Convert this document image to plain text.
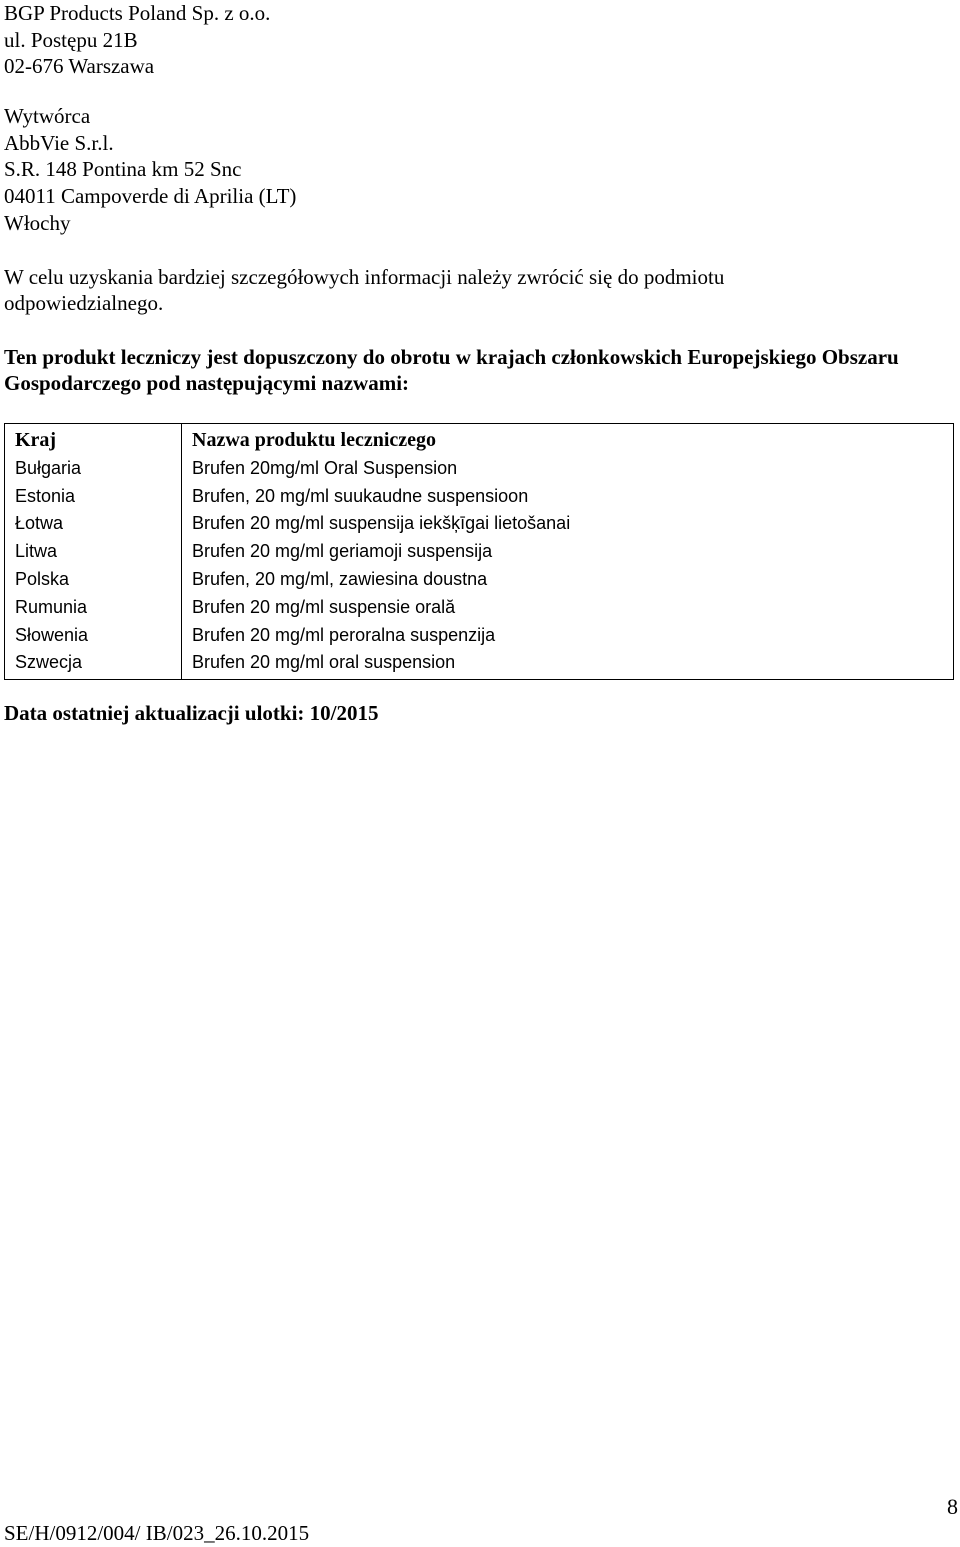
BGP Products Poland Sp. z o.o.
ul. Postępu 21B
02-676 Warszawa
Wytwórca
AbbVie S.r.l.
S.R. 148 Pontina km 52 Snc
04011 Campoverde di Aprilia (LT)
Włochy
W celu uzyskania bardziej szczegółowych informacji należy zwrócić się do podmiotu odpowiedzialnego.
Ten produkt leczniczy jest dopuszczony do obrotu w krajach członkowskich Europejskiego Obszaru Gospodarczego pod następującymi nazwami:
Kraj
Bułgaria
Estonia
Łotwa
Litwa
Polska
Rumunia
Słowenia
Szwecja
Nazwa produktu leczniczego
Brufen 20mg/ml Oral Suspension
Brufen, 20 mg/ml suukaudne suspensioon
Brufen 20 mg/ml suspensija iekšķīgai lietošanai
Brufen 20 mg/ml geriamoji suspensija
Brufen, 20 mg/ml, zawiesina doustna
Brufen 20 mg/ml suspensie orală
Brufen 20 mg/ml peroralna suspenzija
Brufen 20 mg/ml oral suspension
Data ostatniej aktualizacji ulotki: 10/2015
8
SE/H/0912/004/ IB/023_26.10.2015
